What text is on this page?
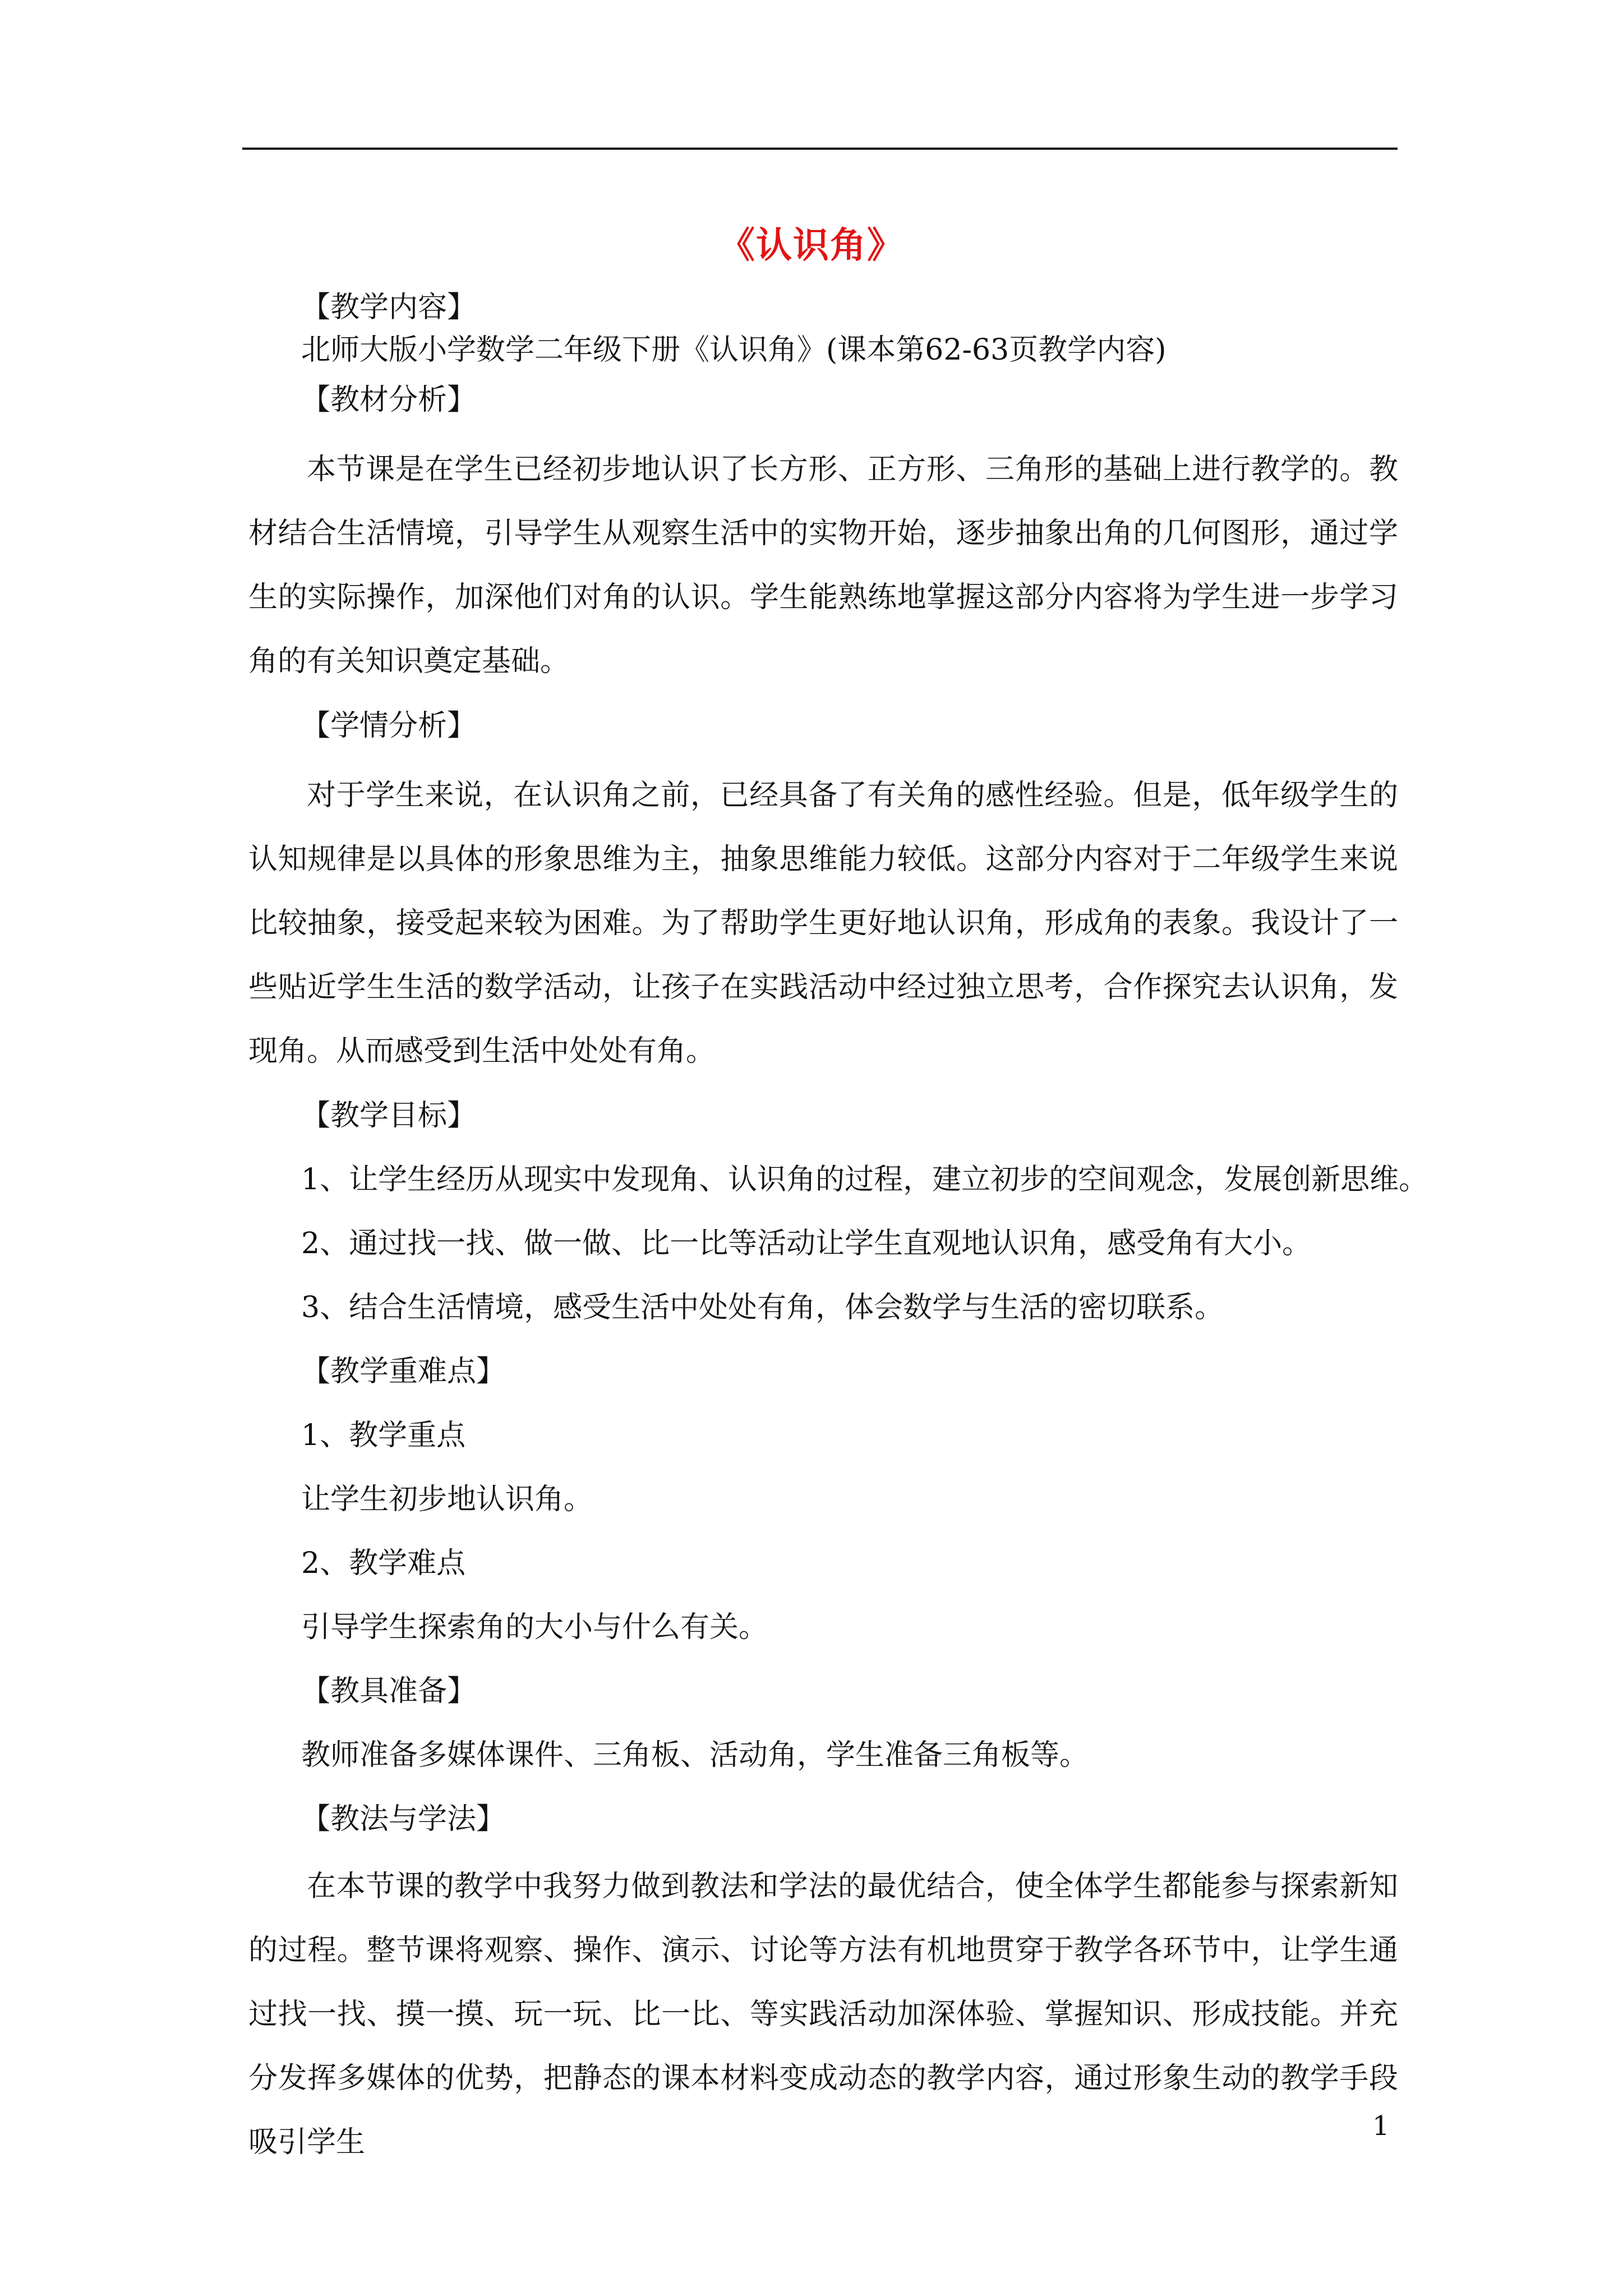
《认识角》
【教学内容】
北师大版小学数学二年级下册《认识角》(课本第62-63页教学内容)
【教材分析】

本节课是在学生已经初步地认识了长方形、正方形、三角形的基础上进行教学的。教材结合生活情境，引导学生从观察生活中的实物开始，逐步抽象出角的几何图形，通过学生的实际操作，加深他们对角的认识。学生能熟练地掌握这部分内容将为学生进一步学习角的有关知识奠定基础。

【学情分析】

对于学生来说，在认识角之前，已经具备了有关角的感性经验。但是，低年级学生的认知规律是以具体的形象思维为主，抽象思维能力较低。这部分内容对于二年级学生来说比较抽象，接受起来较为困难。为了帮助学生更好地认识角，形成角的表象。我设计了一些贴近学生生活的数学活动，让孩子在实践活动中经过独立思考，合作探究去认识角，发现角。从而感受到生活中处处有角。

【教学目标】
1、让学生经历从现实中发现角、认识角的过程，建立初步的空间观念，发展创新思维。
2、通过找一找、做一做、比一比等活动让学生直观地认识角，感受角有大小。
3、结合生活情境，感受生活中处处有角，体会数学与生活的密切联系。
【教学重难点】
1、教学重点
让学生初步地认识角。
2、教学难点
引导学生探索角的大小与什么有关。
【教具准备】
教师准备多媒体课件、三角板、活动角，学生准备三角板等。
【教法与学法】

在本节课的教学中我努力做到教法和学法的最优结合，使全体学生都能参与探索新知的过程。整节课将观察、操作、演示、讨论等方法有机地贯穿于教学各环节中，让学生通过找一找、摸一摸、玩一玩、比一比、等实践活动加深体验、掌握知识、形成技能。并充分发挥多媒体的优势，把静态的课本材料变成动态的教学内容，通过形象生动的教学手段吸引学生	1
